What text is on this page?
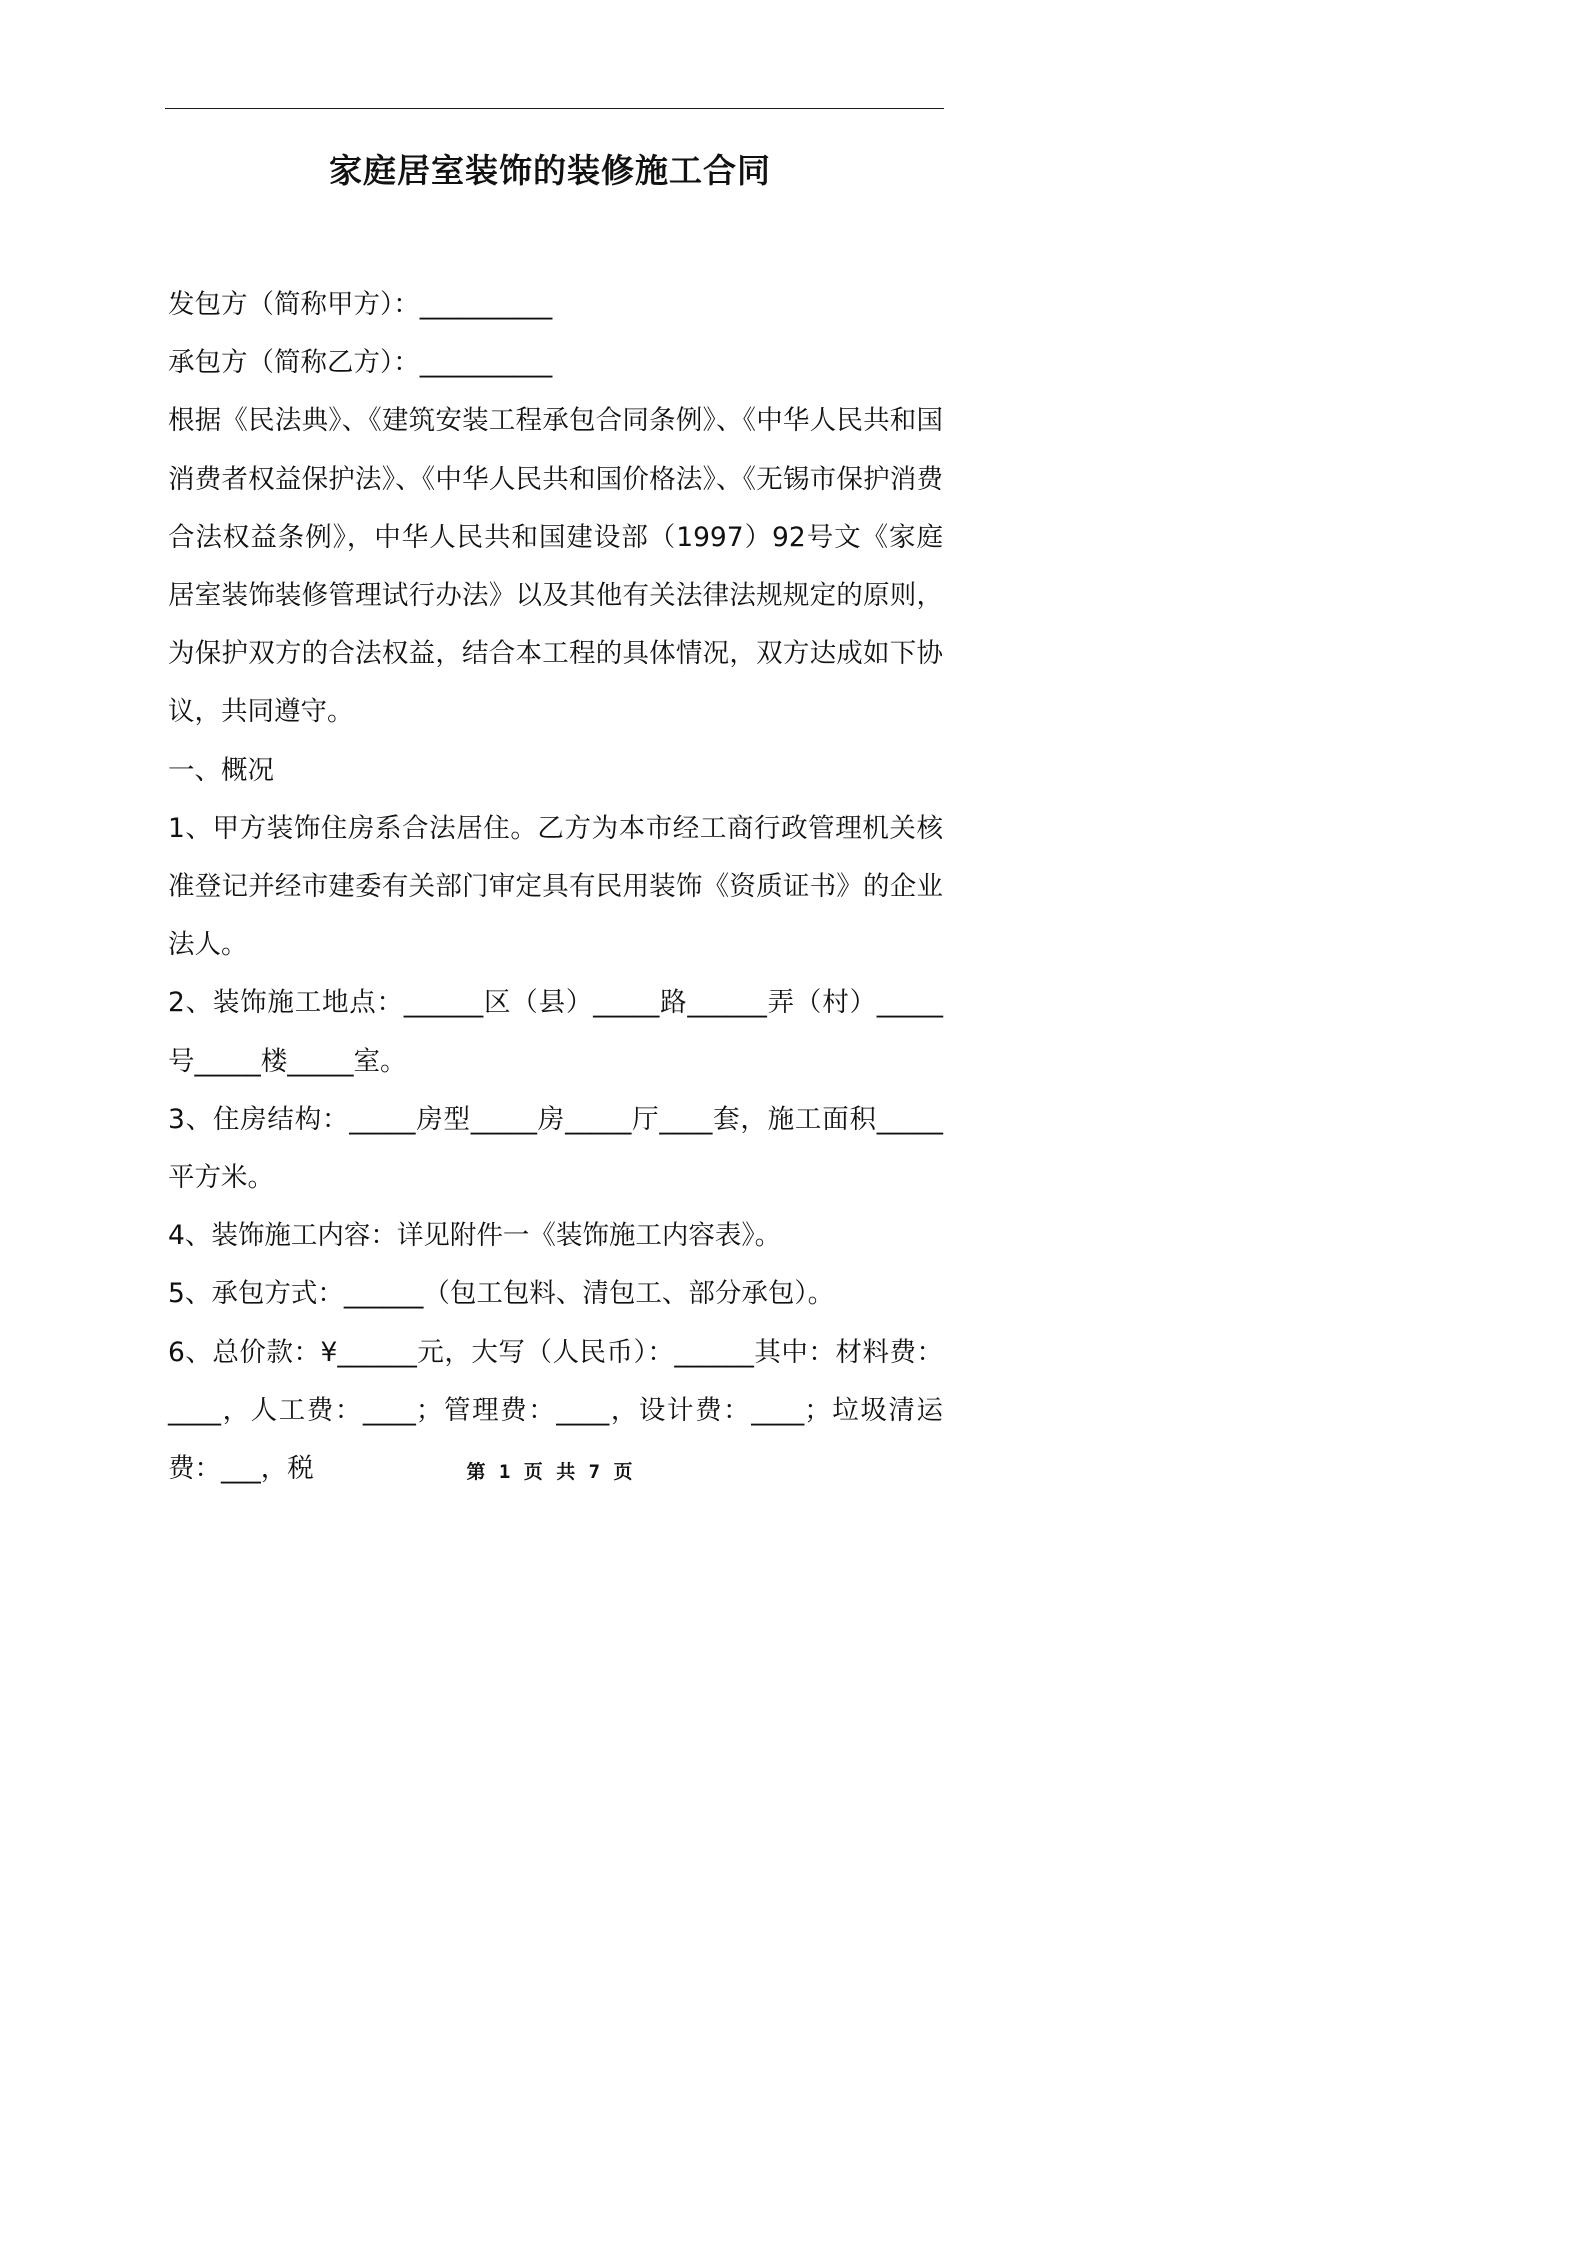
家庭居室装饰的装修施工合同

发包方（简称甲方）：__________

承包方（简称乙方）：__________

根据《民法典》、《建筑安装工程承包合同条例》、《中华人民共和国消费者权益保护法》、《中华人民共和国价格法》、《无锡市保护消费合法权益条例》，中华人民共和国建设部（1997）92号文《家庭居室装饰装修管理试行办法》以及其他有关法律法规规定的原则，为保护双方的合法权益，结合本工程的具体情况，双方达成如下协议，共同遵守。

一、概况

1、甲方装饰住房系合法居住。乙方为本市经工商行政管理机关核准登记并经市建委有关部门审定具有民用装饰《资质证书》的企业法人。

2、装饰施工地点：______区（县）_____路______弄（村）_____号_____楼_____室。

3、住房结构：_____房型_____房_____厅____套，施工面积_____平方米。

4、装饰施工内容：详见附件一《装饰施工内容表》。

5、承包方式：______（包工包料、清包工、部分承包）。

6、总价款：¥______元，大写（人民币）：______其中：材料费：____，人工费：____；管理费：____，设计费：____；垃圾清运费：___，税	第 1 页 共 7 页
